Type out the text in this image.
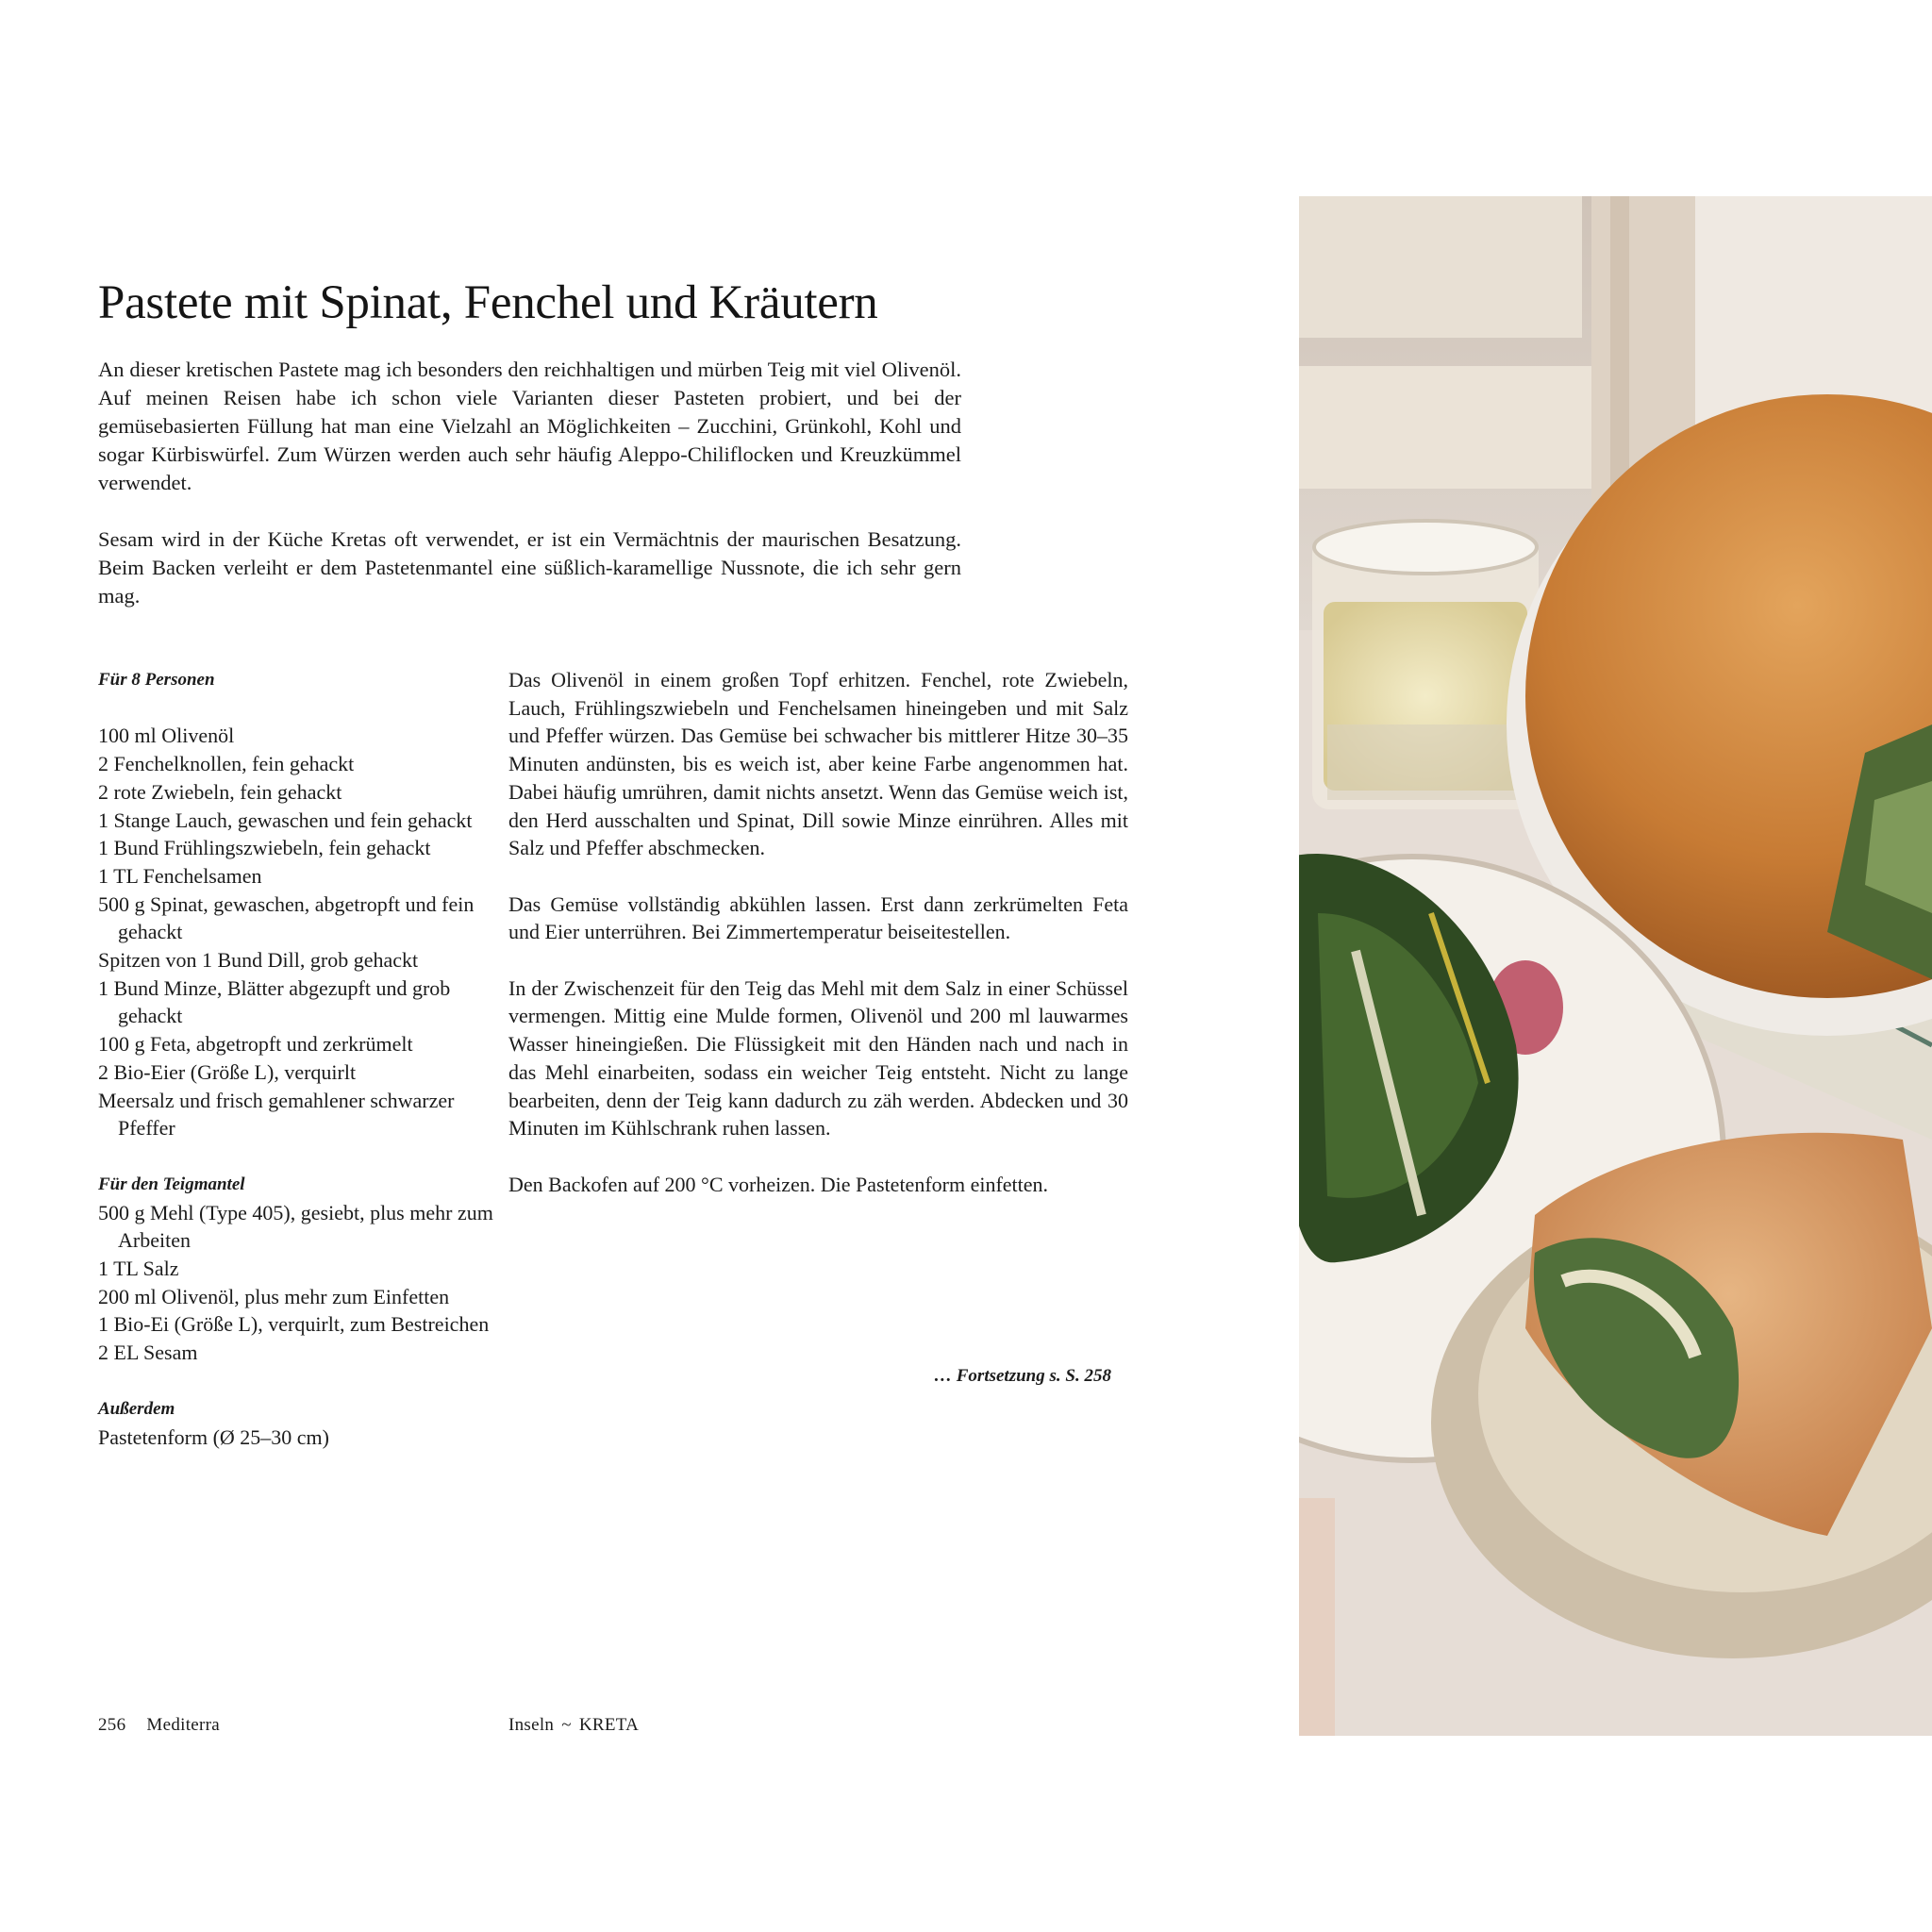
Pastete mit Spinat, Fenchel und Kräutern

An dieser kretischen Pastete mag ich besonders den reichhaltigen und mürben Teig mit viel Olivenöl. Auf meinen Reisen habe ich schon viele Varianten dieser Pasteten probiert, und bei der gemüsebasierten Füllung hat man eine Vielzahl an Möglichkeiten – Zucchini, Grünkohl, Kohl und sogar Kürbiswürfel. Zum Würzen werden auch sehr häufig Aleppo-Chiliflocken und Kreuzkümmel verwendet.

Sesam wird in der Küche Kretas oft verwendet, er ist ein Vermächtnis der maurischen Besatzung. Beim Backen verleiht er dem Pastetenmantel eine süßlich-karamellige Nussnote, die ich sehr gern mag.

Für 8 Personen

100 ml Olivenöl
2 Fenchelknollen, fein gehackt
2 rote Zwiebeln, fein gehackt
1 Stange Lauch, gewaschen und fein gehackt
1 Bund Frühlingszwiebeln, fein gehackt
1 TL Fenchelsamen
500 g Spinat, gewaschen, abgetropft und fein gehackt
Spitzen von 1 Bund Dill, grob gehackt
1 Bund Minze, Blätter abgezupft und grob gehackt
100 g Feta, abgetropft und zerkrümelt
2 Bio-Eier (Größe L), verquirlt
Meersalz und frisch gemahlener schwarzer Pfeffer

Für den Teigmantel

500 g Mehl (Type 405), gesiebt, plus mehr zum Arbeiten
1 TL Salz
200 ml Olivenöl, plus mehr zum Einfetten
1 Bio-Ei (Größe L), verquirlt, zum Bestreichen
2 EL Sesam

Außerdem

Pastetenform (Ø 25–30 cm)

Das Olivenöl in einem großen Topf erhitzen. Fenchel, rote Zwiebeln, Lauch, Frühlingszwiebeln und Fenchelsamen hineingeben und mit Salz und Pfeffer würzen. Das Gemüse bei schwacher bis mittlerer Hitze 30–35 Minuten andünsten, bis es weich ist, aber keine Farbe angenommen hat. Dabei häufig umrühren, damit nichts ansetzt. Wenn das Gemüse weich ist, den Herd ausschalten und Spinat, Dill sowie Minze einrühren. Alles mit Salz und Pfeffer abschmecken.

Das Gemüse vollständig abkühlen lassen. Erst dann zerkrümelten Feta und Eier unterrühren. Bei Zimmertemperatur beiseitestellen.

In der Zwischenzeit für den Teig das Mehl mit dem Salz in einer Schüssel vermengen. Mittig eine Mulde formen, Olivenöl und 200 ml lauwarmes Wasser hineingießen. Die Flüssigkeit mit den Händen nach und nach in das Mehl einarbeiten, sodass ein weicher Teig entsteht. Nicht zu lange bearbeiten, denn der Teig kann dadurch zu zäh werden. Abdecken und 30 Minuten im Kühlschrank ruhen lassen.

Den Backofen auf 200 °C vorheizen. Die Pastetenform einfetten.

… Fortsetzung s. S. 258
256 Mediterra	Inseln ~ KRETA
